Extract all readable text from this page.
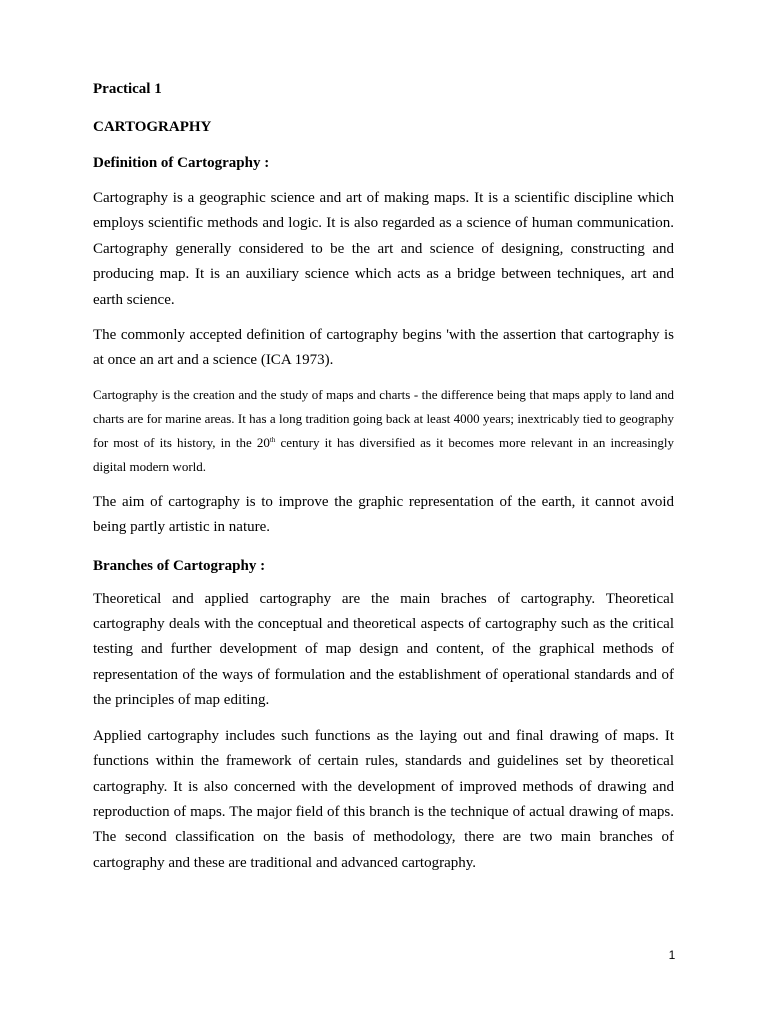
Practical 1

CARTOGRAPHY

Definition of Cartography :

Cartography is a geographic science and art of making maps. It is a scientific discipline which employs scientific methods and logic. It is also regarded as a science of human communication. Cartography generally considered to be the art and science of designing, constructing and producing map. It is an auxiliary science which acts as a bridge between techniques, art and earth science.

The commonly accepted definition of cartography begins 'with the assertion that cartography is at once an art and a science (ICA 1973).

Cartography is the creation and the study of maps and charts - the difference being that maps apply to land and charts are for marine areas. It has a long tradition going back at least 4000 years; inextricably tied to geography for most of its history, in the 20th century it has diversified as it becomes more relevant in an increasingly digital modern world.

The aim of cartography is to improve the graphic representation of the earth, it cannot avoid being partly artistic in nature.

Branches of Cartography :

Theoretical and applied cartography are the main braches of cartography. Theoretical cartography deals with the conceptual and theoretical aspects of cartography such as the critical testing and further development of map design and content, of the graphical methods of representation of the ways of formulation and the establishment of operational standards and of the principles of map editing.

Applied cartography includes such functions as the laying out and final drawing of maps. It functions within the framework of certain rules, standards and guidelines set by theoretical cartography. It is also concerned with the development of improved methods of drawing and reproduction of maps. The major field of this branch is the technique of actual drawing of maps. The second classification on the basis of methodology, there are two main branches of cartography and these are traditional and advanced cartography.

1
